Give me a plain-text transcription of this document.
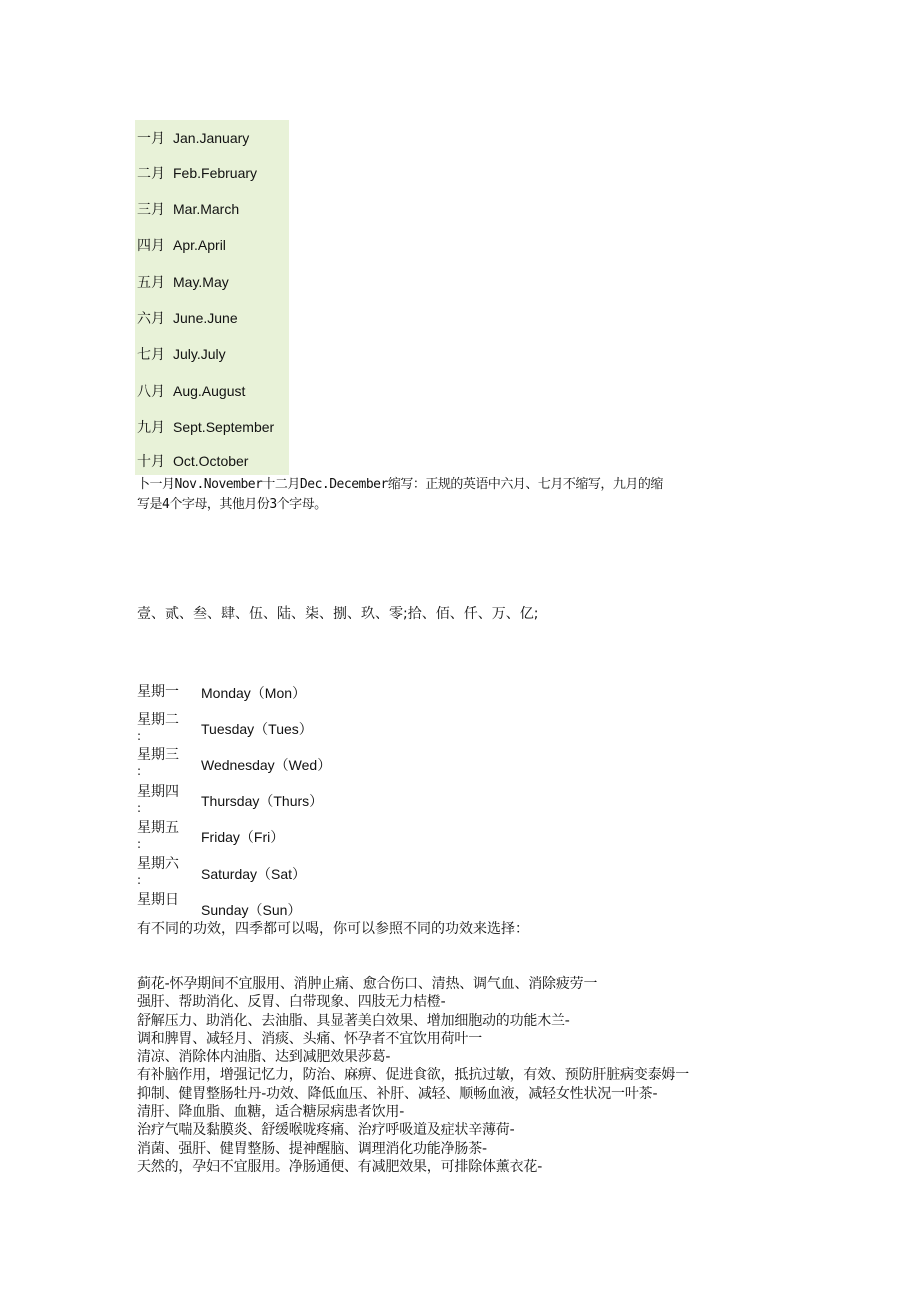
一月 Jan.January
二月 Feb.February
三月 Mar.March
四月 Apr.April
五月 May.May
六月 June.June
七月 July.July
八月 Aug.August
九月 Sept.September
十月 Oct.October
卜一月Nov.November十二月Dec.December缩写：正规的英语中六月、七月不缩写，九月的缩
写是4个字母，其他月份3个字母。
壹、贰、叁、肆、伍、陆、柒、捌、玖、零;拾、佰、仟、万、亿;
星期一	Monday（Mon）
星期二
:	Tuesday（Tues）
星期三
:	Wednesday（Wed）
星期四
:	Thursday（Thurs）
星期五
:	Friday（Fri）
星期六
:	Saturday（Sat）
星期日
Sunday（Sun）
有不同的功效，四季都可以喝，你可以参照不同的功效来选择：
蓟花-怀孕期间不宜服用、消肿止痛、愈合伤口、清热、调气血、消除疲劳一
强肝、帮助消化、反胃、白带现象、四肢无力桔橙-
舒解压力、助消化、去油脂、具显著美白效果、增加细胞动的功能木兰-
调和脾胃、减轻月、消痰、头痛、怀孕者不宜饮用荷叶一
清凉、消除体内油脂、达到减肥效果莎葛-
有补脑作用，增强记忆力，防治、麻痹、促进食欲，抵抗过敏，有效、预防肝脏病变泰姆一
抑制、健胃整肠牡丹-功效、降低血压、补肝、减轻、顺畅血液，减轻女性状况一叶茶-
清肝、降血脂、血糖，适合糖尿病患者饮用-
治疗气喘及黏膜炎、舒缓喉咙疼痛、治疗呼吸道及症状辛薄荷-
消菌、强肝、健胃整肠、提神醒脑、调理消化功能净肠茶-
天然的，孕妇不宜服用。净肠通便、有减肥效果，可排除体薰衣花-
